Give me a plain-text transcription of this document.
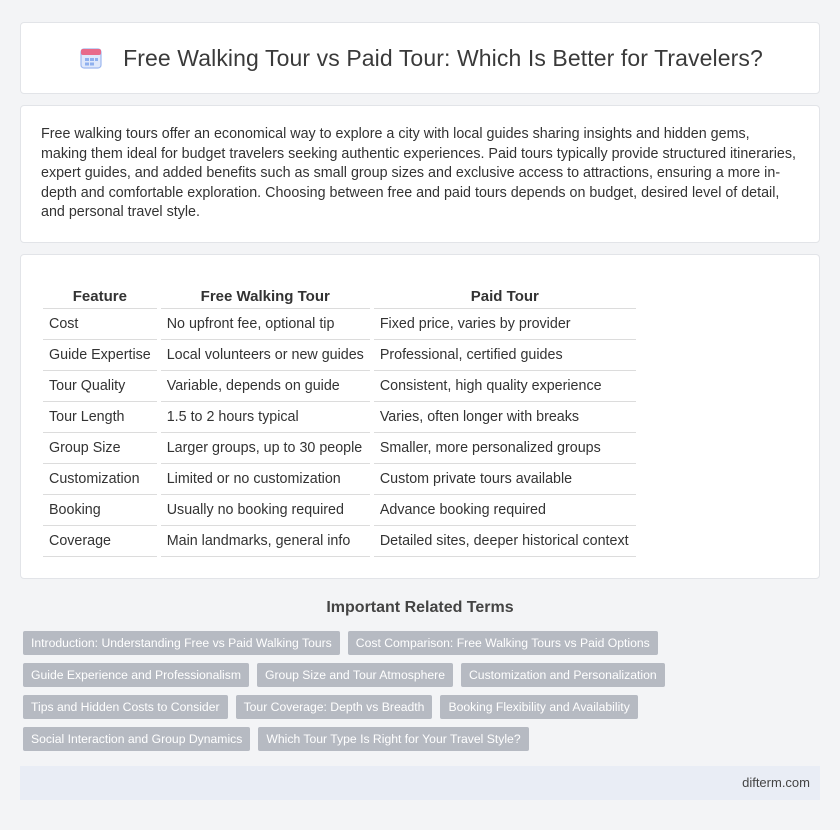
Free Walking Tour vs Paid Tour: Which Is Better for Travelers?

Free walking tours offer an economical way to explore a city with local guides sharing insights and hidden gems, making them ideal for budget travelers seeking authentic experiences. Paid tours typically provide structured itineraries, expert guides, and added benefits such as small group sizes and exclusive access to attractions, ensuring a more in-depth and comfortable exploration. Choosing between free and paid tours depends on budget, desired level of detail, and personal travel style.

Feature		Free Walking Tour		Paid Tour
Cost		No upfront fee, optional tip		Fixed price, varies by provider
Guide Expertise		Local volunteers or new guides		Professional, certified guides
Tour Quality		Variable, depends on guide		Consistent, high quality experience
Tour Length		1.5 to 2 hours typical		Varies, often longer with breaks
Group Size		Larger groups, up to 30 people		Smaller, more personalized groups
Customization		Limited or no customization		Custom private tours available
Booking		Usually no booking required		Advance booking required
Coverage		Main landmarks, general info		Detailed sites, deeper historical context
Important Related Terms
Introduction: Understanding Free vs Paid Walking Tours	Cost Comparison: Free Walking Tours vs Paid Options
Guide Experience and Professionalism	Group Size and Tour Atmosphere	Customization and Personalization
Tips and Hidden Costs to Consider	Tour Coverage: Depth vs Breadth	Booking Flexibility and Availability
Social Interaction and Group Dynamics	Which Tour Type Is Right for Your Travel Style?
difterm.com
